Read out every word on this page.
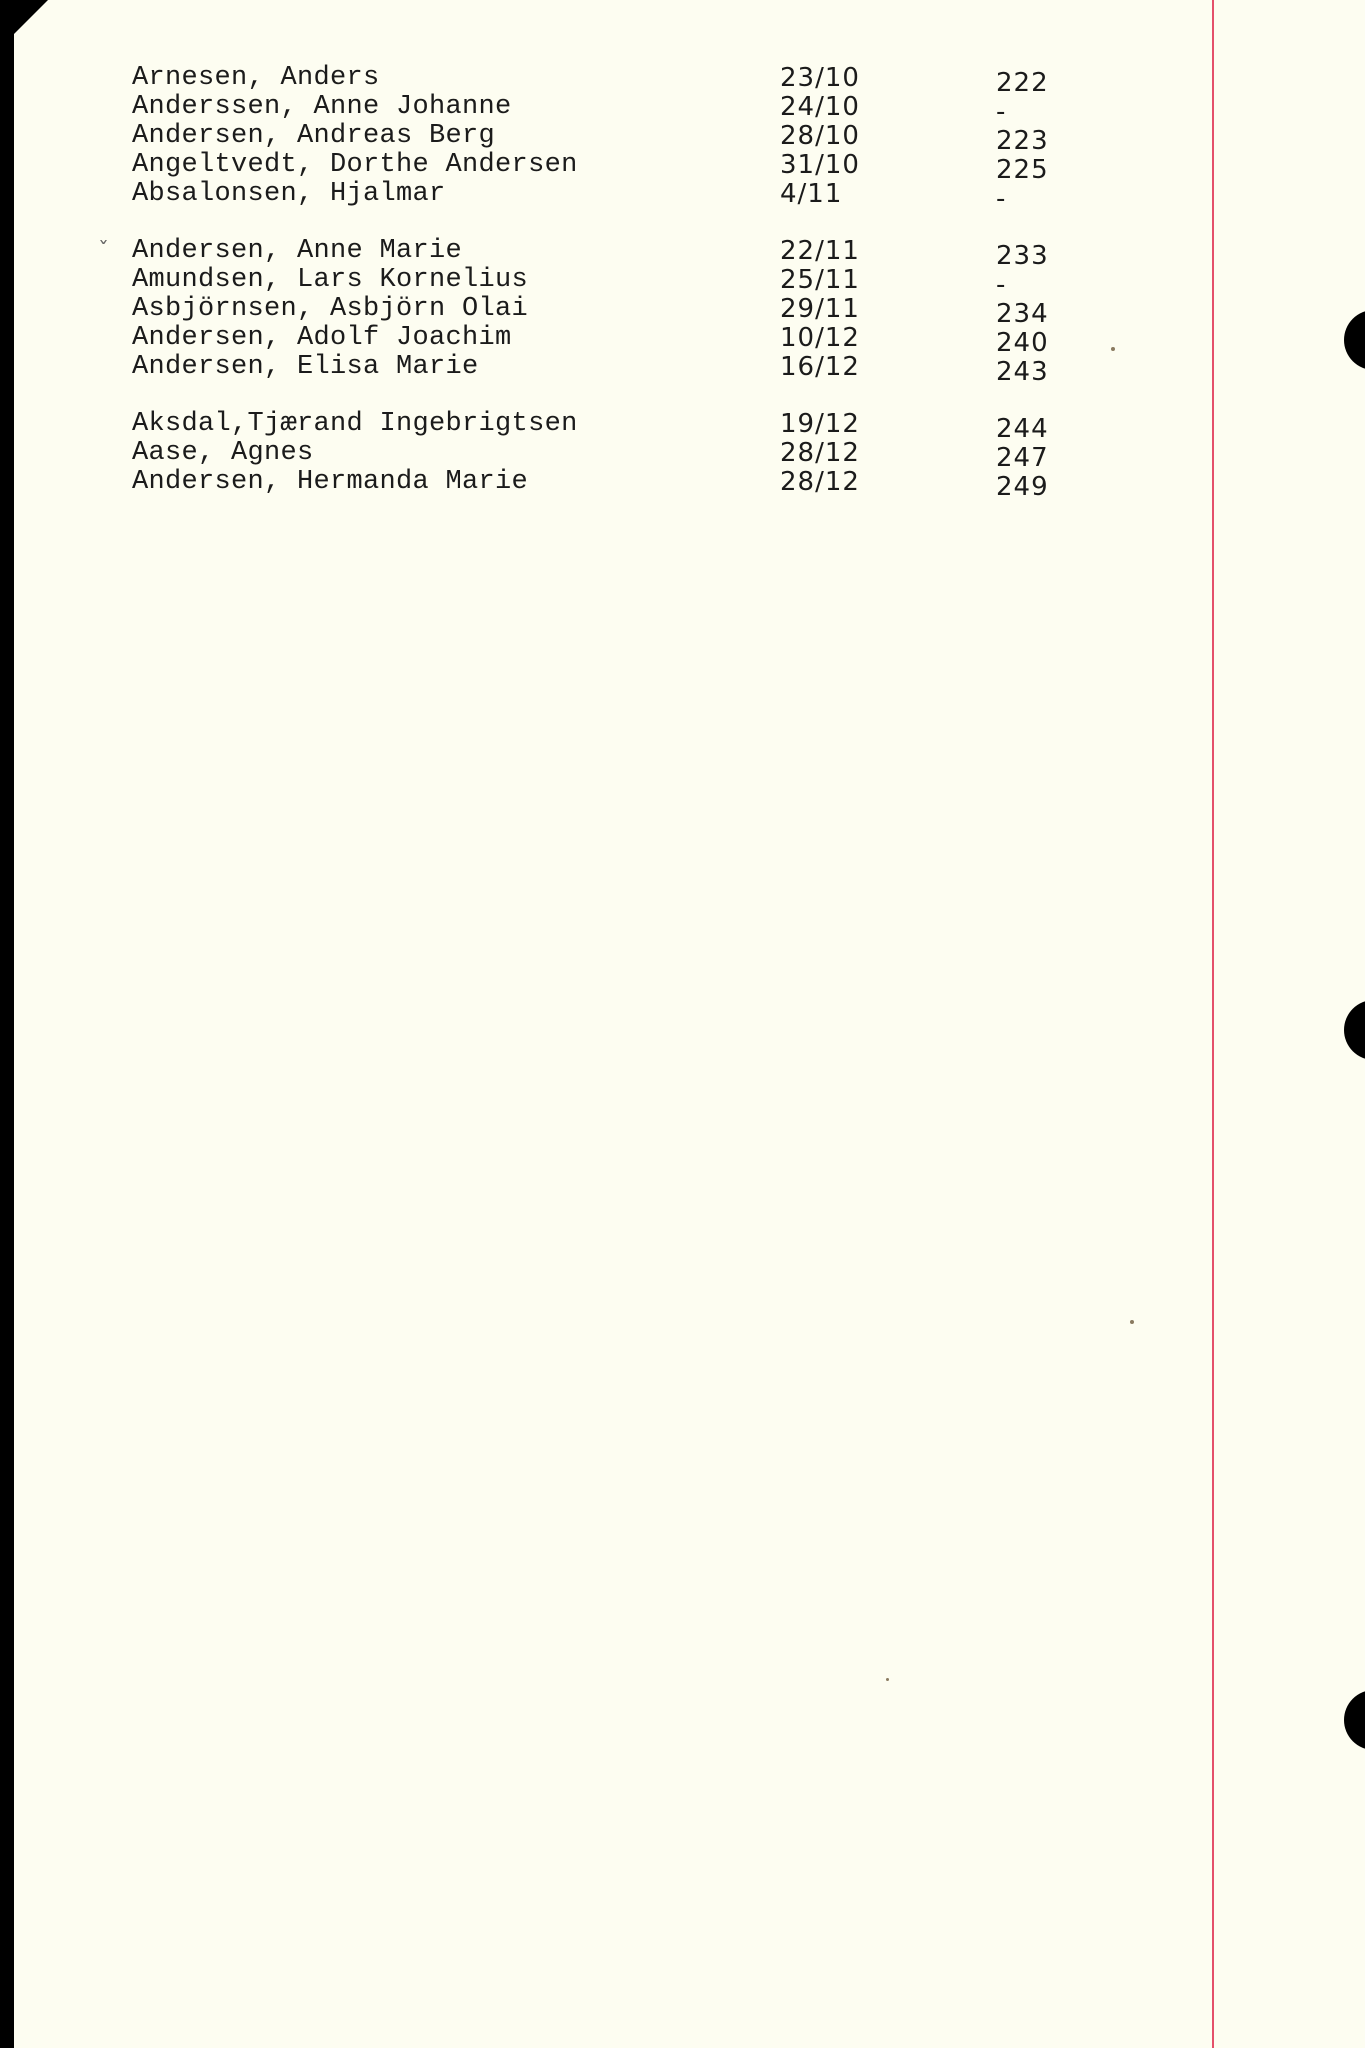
Arnesen, Anders	23/10	222
Anderssen, Anne Johanne	24/10	-
Andersen, Andreas Berg	28/10	223
Angeltvedt, Dorthe Andersen	31/10	225
Absalonsen, Hjalmar	4/11	-
ˇ Andersen, Anne Marie	22/11	233
Amundsen, Lars Kornelius	25/11	-
Asbjörnsen, Asbjörn Olai	29/11	234
Andersen, Adolf Joachim	10/12	240
Andersen, Elisa Marie	16/12	243
Aksdal,Tjærand Ingebrigtsen	19/12	244
Aase, Agnes	28/12	247
Andersen, Hermanda Marie	28/12	249
